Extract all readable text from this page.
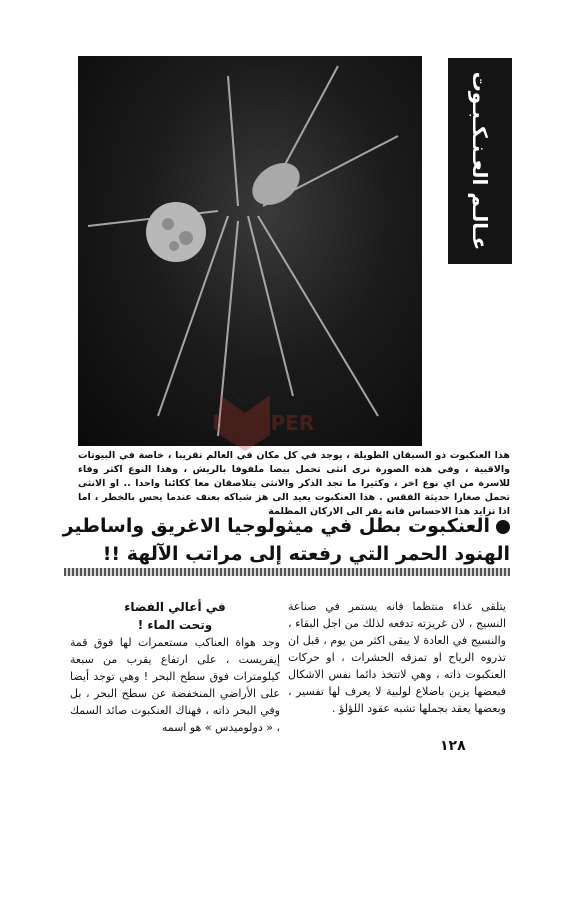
عـالـم العـنـكـبـوت
EDFCPER
هذا العنكبوت ذو السيقان الطويلة ، يوجد في كل مكان في العالم تقريبا ، خاصة في البيوتات والاقبية ، وفي هذه الصورة نرى انثى تحمل بيضا ملفوفا بالريش ، وهذا النوع اكثر وفاء للاسرة من اي نوع اخر ، وكثيرا ما تجد الذكر والانثى يتلاصقان معا ككائنا واحدا .. او الانثى تحمل صغارا حديثة الفقس . هذا العنكبوت يعيد الى هز شباكه بعنف عندما يحس بالخطر ، اما اذا تزايد هذا الاحساس فانه يفر الى الاركان المظلمة
العنكبوت بطل في ميثولوجيا الاغريق واساطير
الهنود الحمر التي رفعته إلى مراتب الآلهة !!

يتلقى غذاء منتظما فانه يستمر في صناعة النسيج ، لان غريزته تدفعه لذلك من اجل البقاء ، والنسيج في العادة لا يبقى اكثر من يوم ، قبل ان تذروه الرياح او تمزقه الحشرات ، او حركات العنكبوت ذاته ، وهي لاتتخذ دائما نفس الاشكال فبعضها يزين باضلاع لولبية لا يعرف لها تفسير ، وبعضها يعقد بجملها تشبه عقود اللؤلؤ .

في أعالي الفضاء
وتحت الماء !

وجد هواة العناكب مستعمرات لها فوق قمة إيفريست ، على ارتفاع يقرب من سبعة كيلومترات فوق سطح البحر ! وهي توجد أيضا على الأراضي المنخفضة عن سطح البحر ، بل وفي البحر ذاته ، فهناك العنكبوت صائد السمك ، « دولوميدس » هو اسمه

١٢٨
